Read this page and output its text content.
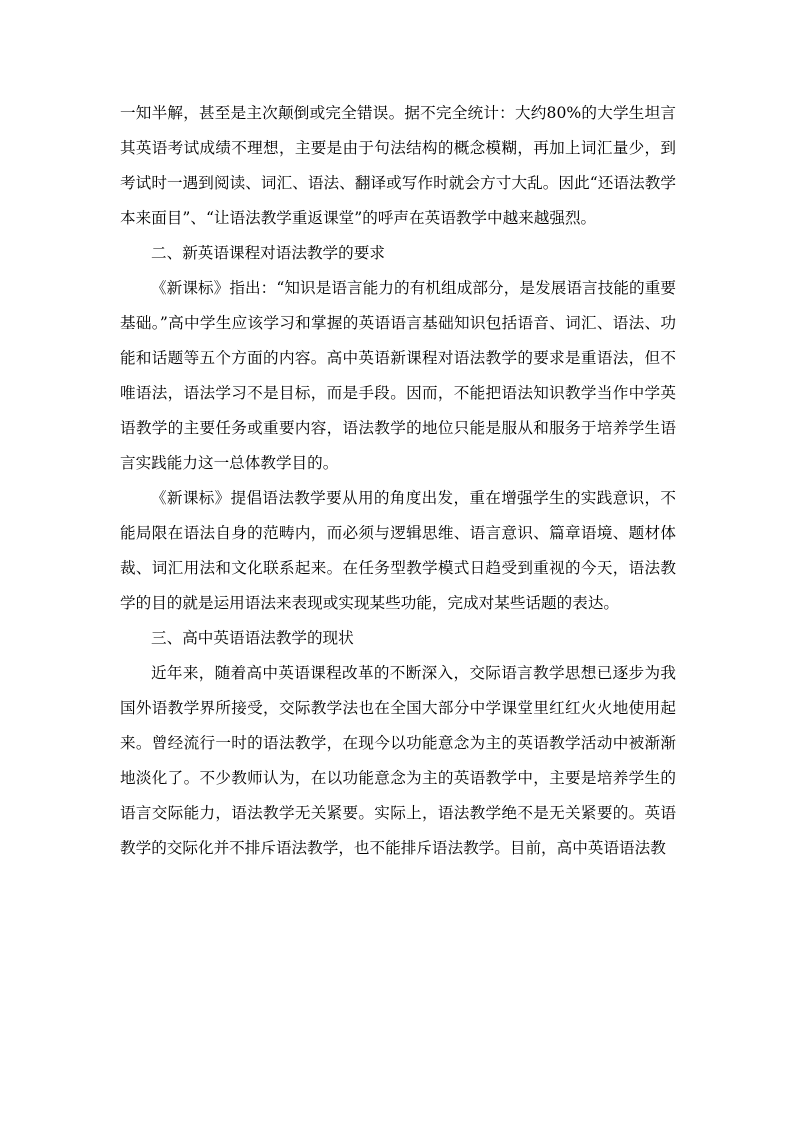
一知半解，甚至是主次颠倒或完全错误。据不完全统计：大约80%的大学生坦言其英语考试成绩不理想，主要是由于句法结构的概念模糊，再加上词汇量少，到考试时一遇到阅读、词汇、语法、翻译或写作时就会方寸大乱。因此“还语法教学本来面目”、“让语法教学重返课堂”的呼声在英语教学中越来越强烈。

二、新英语课程对语法教学的要求

《新课标》指出：“知识是语言能力的有机组成部分，是发展语言技能的重要基础。”高中学生应该学习和掌握的英语语言基础知识包括语音、词汇、语法、功能和话题等五个方面的内容。高中英语新课程对语法教学的要求是重语法，但不唯语法，语法学习不是目标，而是手段。因而，不能把语法知识教学当作中学英语教学的主要任务或重要内容，语法教学的地位只能是服从和服务于培养学生语言实践能力这一总体教学目的。

《新课标》提倡语法教学要从用的角度出发，重在增强学生的实践意识，不能局限在语法自身的范畴内，而必须与逻辑思维、语言意识、篇章语境、题材体裁、词汇用法和文化联系起来。在任务型教学模式日趋受到重视的今天，语法教学的目的就是运用语法来表现或实现某些功能，完成对某些话题的表达。

三、高中英语语法教学的现状

近年来，随着高中英语课程改革的不断深入，交际语言教学思想已逐步为我国外语教学界所接受，交际教学法也在全国大部分中学课堂里红红火火地使用起来。曾经流行一时的语法教学，在现今以功能意念为主的英语教学活动中被渐渐地淡化了。不少教师认为，在以功能意念为主的英语教学中，主要是培养学生的语言交际能力，语法教学无关紧要。实际上，语法教学绝不是无关紧要的。英语教学的交际化并不排斥语法教学，也不能排斥语法教学。目前，高中英语语法教
